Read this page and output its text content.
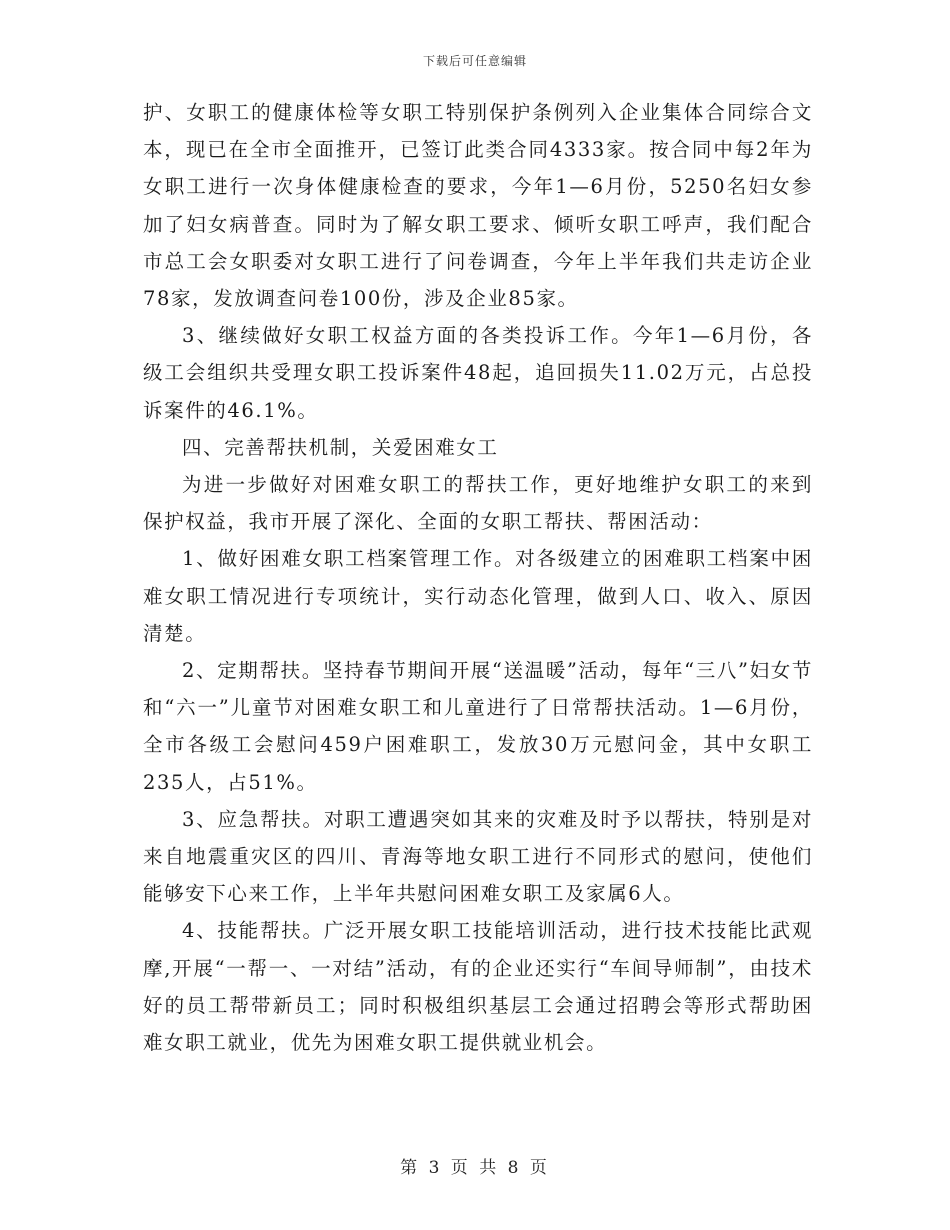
下载后可任意编辑

护、女职工的健康体检等女职工特别保护条例列入企业集体合同综合文本，现已在全市全面推开，已签订此类合同4333家。按合同中每2年为女职工进行一次身体健康检查的要求，今年1—6月份，5250名妇女参加了妇女病普查。同时为了解女职工要求、倾听女职工呼声，我们配合市总工会女职委对女职工进行了问卷调查，今年上半年我们共走访企业78家，发放调查问卷100份，涉及企业85家。

3、继续做好女职工权益方面的各类投诉工作。今年1—6月份，各级工会组织共受理女职工投诉案件48起，追回损失11.02万元，占总投诉案件的46.1%。

四、完善帮扶机制，关爱困难女工

为进一步做好对困难女职工的帮扶工作，更好地维护女职工的来到保护权益，我市开展了深化、全面的女职工帮扶、帮困活动：

1、做好困难女职工档案管理工作。对各级建立的困难职工档案中困难女职工情况进行专项统计，实行动态化管理，做到人口、收入、原因清楚。

2、定期帮扶。坚持春节期间开展“送温暖”活动，每年“三八”妇女节和“六一”儿童节对困难女职工和儿童进行了日常帮扶活动。1—6月份，全市各级工会慰问459户困难职工，发放30万元慰问金，其中女职工235人，占51%。

3、应急帮扶。对职工遭遇突如其来的灾难及时予以帮扶，特别是对来自地震重灾区的四川、青海等地女职工进行不同形式的慰问，使他们能够安下心来工作，上半年共慰问困难女职工及家属6人。

4、技能帮扶。广泛开展女职工技能培训活动，进行技术技能比武观摩,开展“一帮一、一对结”活动，有的企业还实行“车间导师制”，由技术好的员工帮带新员工；同时积极组织基层工会通过招聘会等形式帮助困难女职工就业，优先为困难女职工提供就业机会。

第 3 页 共 8 页
